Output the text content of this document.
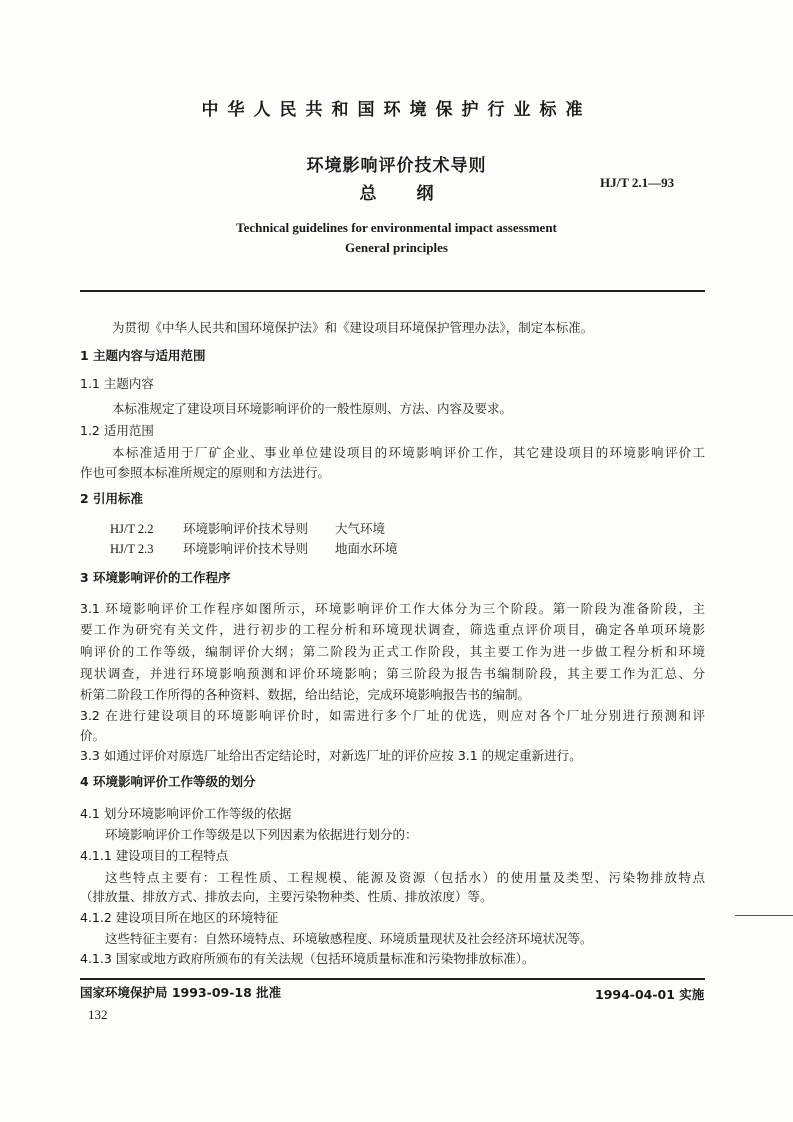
中华人民共和国环境保护行业标准
环境影响评价技术导则
总纲
HJ/T 2.1—93
Technical guidelines for environmental impact assessment
General principles
为贯彻《中华人民共和国环境保护法》和《建设项目环境保护管理办法》，制定本标准。
1 主题内容与适用范围
1.1 主题内容
本标准规定了建设项目环境影响评价的一般性原则、方法、内容及要求。
1.2 适用范围
本标准适用于厂矿企业、事业单位建设项目的环境影响评价工作，其它建设项目的环境影响评价工
作也可参照本标准所规定的原则和方法进行。
2 引用标准
HJ/T 2.2 环境影响评价技术导则 大气环境
HJ/T 2.3 环境影响评价技术导则 地面水环境
3 环境影响评价的工作程序
3.1 环境影响评价工作程序如图所示，环境影响评价工作大体分为三个阶段。第一阶段为准备阶段，主
要工作为研究有关文件，进行初步的工程分析和环境现状调查，筛选重点评价项目，确定各单项环境影
响评价的工作等级，编制评价大纲；第二阶段为正式工作阶段，其主要工作为进一步做工程分析和环境
现状调查，并进行环境影响预测和评价环境影响；第三阶段为报告书编制阶段，其主要工作为汇总、分
析第二阶段工作所得的各种资料、数据，给出结论，完成环境影响报告书的编制。
3.2 在进行建设项目的环境影响评价时，如需进行多个厂址的优选，则应对各个厂址分别进行预测和评
价。
3.3 如通过评价对原选厂址给出否定结论时，对新选厂址的评价应按 3.1 的规定重新进行。
4 环境影响评价工作等级的划分
4.1 划分环境影响评价工作等级的依据
环境影响评价工作等级是以下列因素为依据进行划分的：
4.1.1 建设项目的工程特点
这些特点主要有：工程性质、工程规模、能源及资源（包括水）的使用量及类型、污染物排放特点
（排放量、排放方式、排放去向，主要污染物种类、性质、排放浓度）等。
4.1.2 建设项目所在地区的环境特征
这些特征主要有：自然环境特点、环境敏感程度、环境质量现状及社会经济环境状况等。
4.1.3 国家或地方政府所颁布的有关法规（包括环境质量标准和污染物排放标准）。
国家环境保护局 1993-09-18 批准	1994-04-01 实施
132
